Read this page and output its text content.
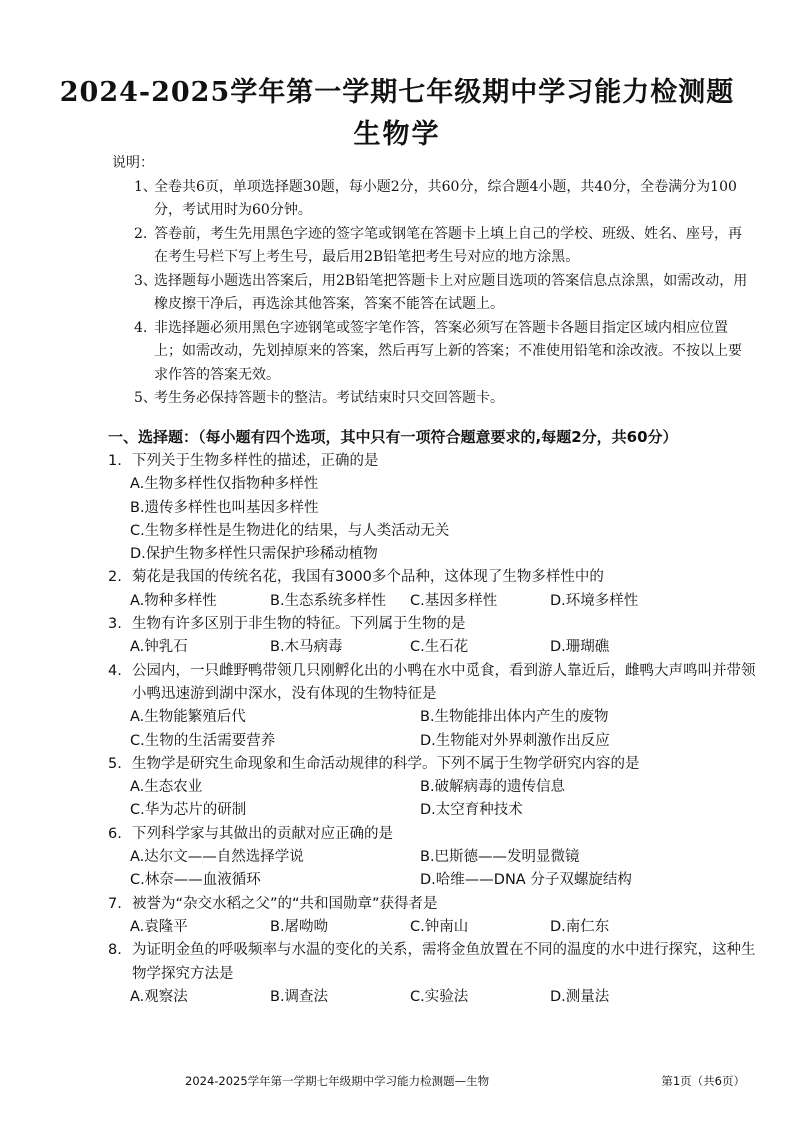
2024-2025学年第一学期七年级期中学习能力检测题
生物学
说明：
1、
全卷共6页，单项选择题30题，每小题2分，共60分，综合题4小题，共40分，全卷满分为100分，考试用时为60分钟。
2. 答卷前，考生先用黑色字迹的签字笔或钢笔在答题卡上填上自己的学校、班级、姓名、座号，再在考生号栏下写上考生号，最后用2B铅笔把考生号对应的地方涂黑。
3、
选择题每小题选出答案后，用2B铅笔把答题卡上对应题目选项的答案信息点涂黑，如需改动，用橡皮擦干净后，再选涂其他答案，答案不能答在试题上。
4. 非选择题必须用黑色字迹钢笔或签字笔作答，答案必须写在答题卡各题目指定区域内相应位置上；如需改动，先划掉原来的答案，然后再写上新的答案；不准使用铅笔和涂改液。不按以上要求作答的答案无效。
5、
考生务必保持答题卡的整洁。考试结束时只交回答题卡。
一、选择题：（每小题有四个选项，其中只有一项符合题意要求的,每题2分，共60分）
1. 下列关于生物多样性的描述，正确的是
A.生物多样性仅指物种多样性
B.遗传多样性也叫基因多样性
C.生物多样性是生物进化的结果，与人类活动无关
D.保护生物多样性只需保护珍稀动植物
2. 菊花是我国的传统名花，我国有3000多个品种，这体现了生物多样性中的
A.物种多样性	B.生态系统多样性	C.基因多样性	D.环境多样性
3. 生物有许多区别于非生物的特征。下列属于生物的是
A.钟乳石	B.木马病毒	C.生石花	D.珊瑚礁
4. 公园内，一只雌野鸭带领几只刚孵化出的小鸭在水中觅食，看到游人靠近后，雌鸭大声鸣叫并带领小鸭迅速游到湖中深水，没有体现的生物特征是
A.生物能繁殖后代	B.生物能排出体内产生的废物
C.生物的生活需要营养	D.生物能对外界刺激作出反应
5. 生物学是研究生命现象和生命活动规律的科学。下列不属于生物学研究内容的是
A.生态农业	B.破解病毒的遗传信息
C.华为芯片的研制	D.太空育种技术
6. 下列科学家与其做出的贡献对应正确的是
A.达尔文——自然选择学说	B.巴斯德——发明显微镜
C.林奈——血液循环	D.哈维——DNA 分子双螺旋结构
7. 被誉为“杂交水稻之父”的“共和国勋章”获得者是
A.袁隆平	B.屠呦呦	C.钟南山	D.南仁东
8. 为证明金鱼的呼吸频率与水温的变化的关系，需将金鱼放置在不同的温度的水中进行探究，这种生物学探究方法是
A.观察法	B.调查法	C.实验法	D.测量法
2024-2025学年第一学期七年级期中学习能力检测题—生物	第1页（共6页）
